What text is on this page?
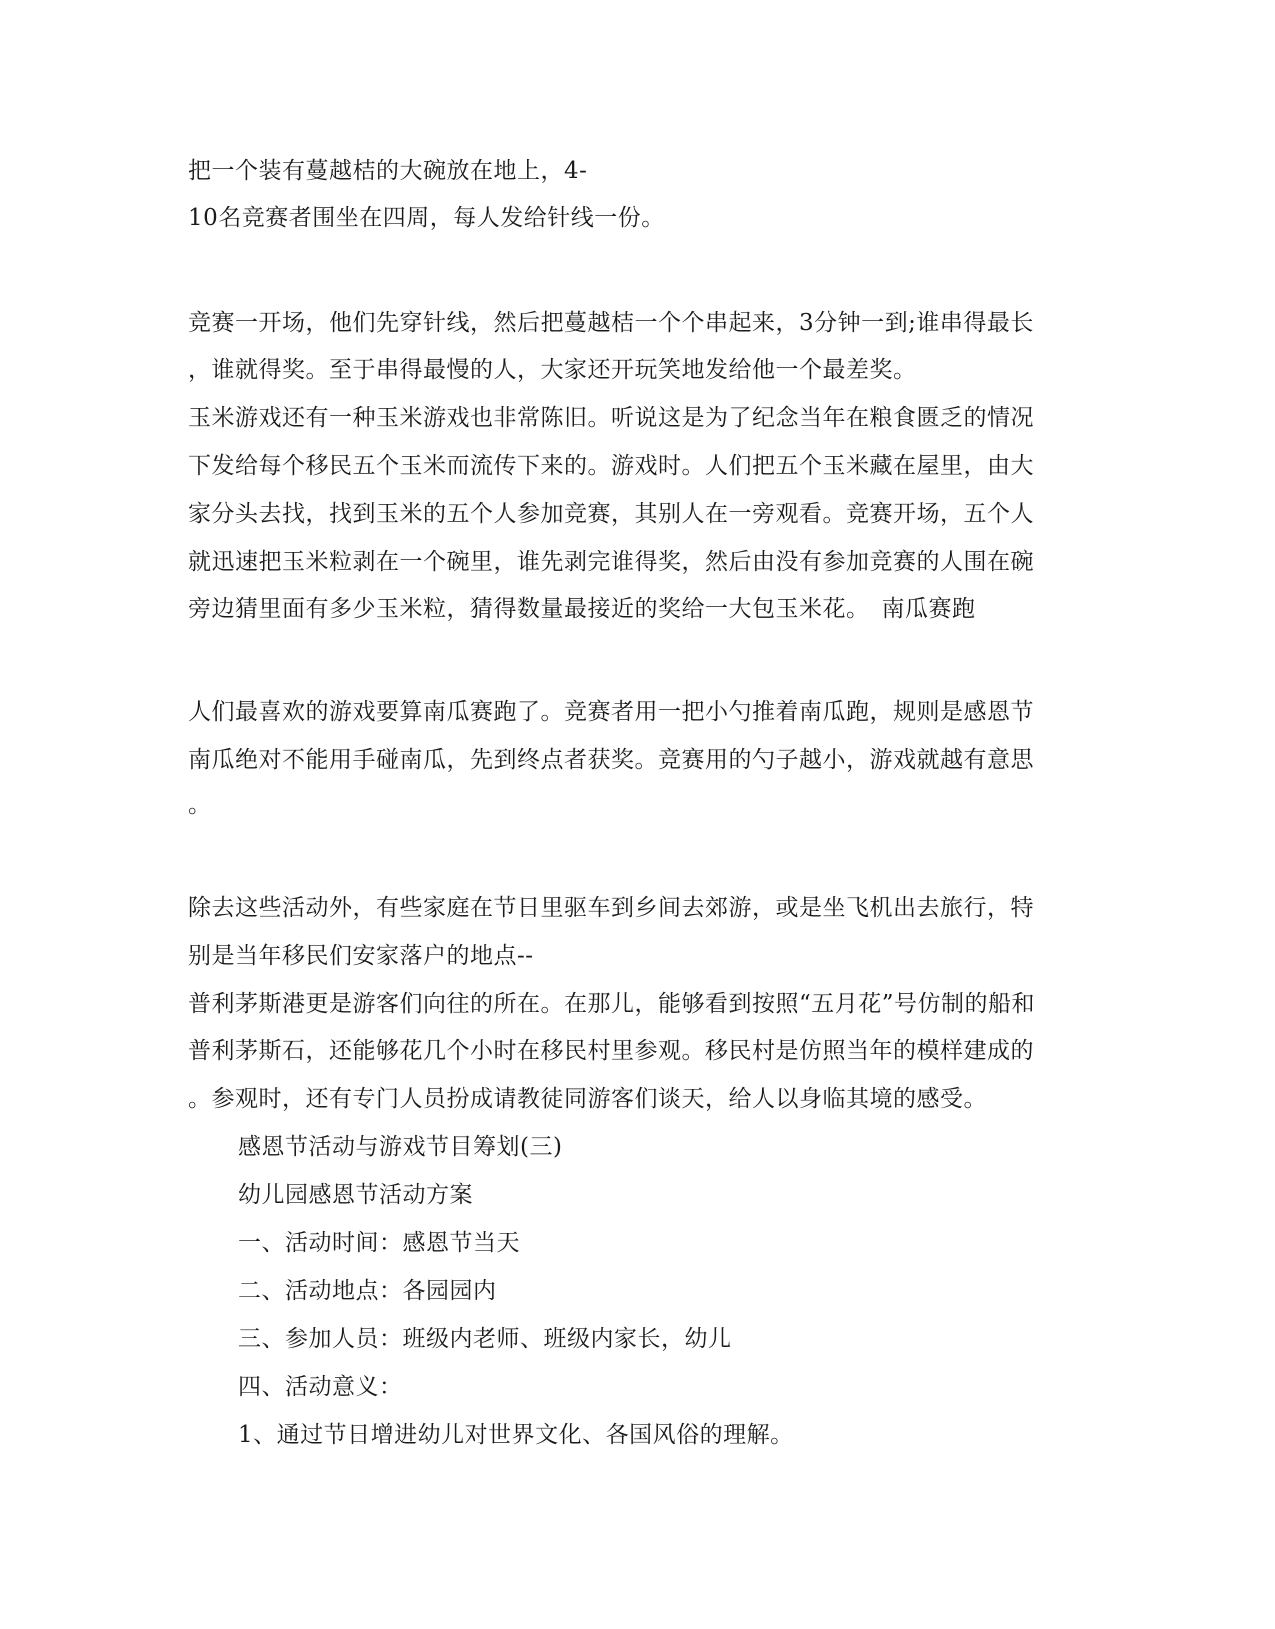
把一个装有蔓越桔的大碗放在地上，4-
10名竞赛者围坐在四周，每人发给针线一份。
竞赛一开场，他们先穿针线，然后把蔓越桔一个个串起来，3分钟一到;谁串得最长
，谁就得奖。至于串得最慢的人，大家还开玩笑地发给他一个最差奖。
玉米游戏还有一种玉米游戏也非常陈旧。听说这是为了纪念当年在粮食匮乏的情况
下发给每个移民五个玉米而流传下来的。游戏时。人们把五个玉米藏在屋里，由大
家分头去找，找到玉米的五个人参加竞赛，其别人在一旁观看。竞赛开场，五个人
就迅速把玉米粒剥在一个碗里，谁先剥完谁得奖，然后由没有参加竞赛的人围在碗
旁边猜里面有多少玉米粒，猜得数量最接近的奖给一大包玉米花。　南瓜赛跑
人们最喜欢的游戏要算南瓜赛跑了。竞赛者用一把小勺推着南瓜跑，规则是感恩节
南瓜绝对不能用手碰南瓜，先到终点者获奖。竞赛用的勺子越小，游戏就越有意思
。
除去这些活动外，有些家庭在节日里驱车到乡间去郊游，或是坐飞机出去旅行，特
别是当年移民们安家落户的地点--
普利茅斯港更是游客们向往的所在。在那儿，能够看到按照“五月花”号仿制的船和
普利茅斯石，还能够花几个小时在移民村里参观。移民村是仿照当年的模样建成的
。参观时，还有专门人员扮成请教徒同游客们谈天，给人以身临其境的感受。
感恩节活动与游戏节目筹划(三)
幼儿园感恩节活动方案
一、活动时间：感恩节当天
二、活动地点：各园园内
三、参加人员：班级内老师、班级内家长，幼儿
四、活动意义：
1、通过节日增进幼儿对世界文化、各国风俗的理解。
